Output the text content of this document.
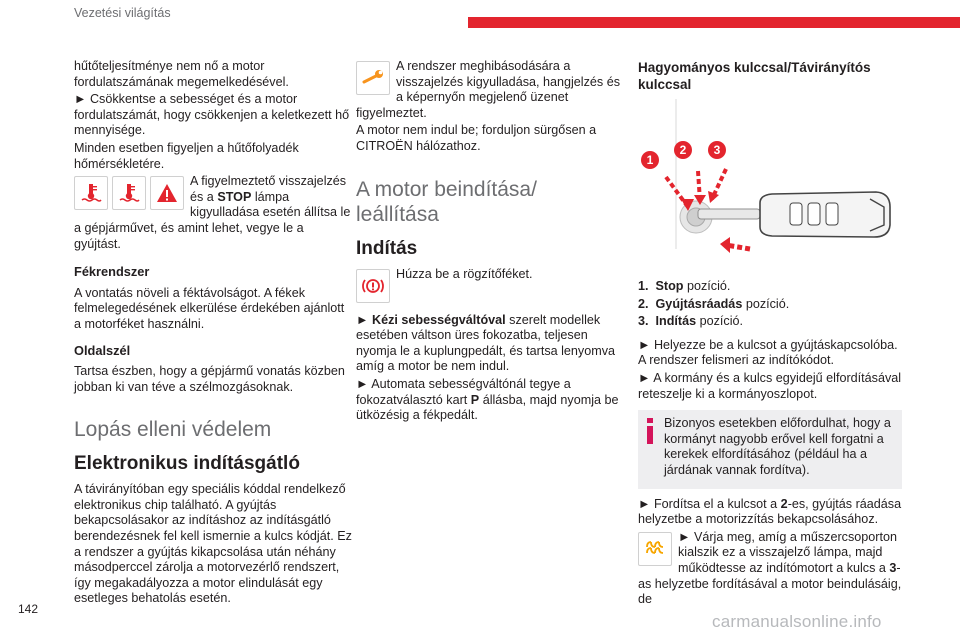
Vezetési világítás

hűtőteljesítménye nem nő a motor fordulatszámának megemelkedésével.

► Csökkentse a sebességet és a motor fordulatszámát, hogy csökkenjen a keletkezett hő mennyisége.

Minden esetben figyeljen a hűtőfolyadék hőmérsékletére.

A figyelmeztető visszajelzés és a STOP lámpa kigyulladása esetén állítsa le a gépjárművet, és amint lehet, vegye le a gyújtást.

Fékrendszer

A vontatás növeli a féktávolságot. A fékek felmelegedésének elkerülése érdekében ajánlott a motorféket használni.

Oldalszél

Tartsa észben, hogy a gépjármű vonatás közben jobban ki van téve a szélmozgásoknak.

Lopás elleni védelem
Elektronikus indításgátló

A távirányítóban egy speciális kóddal rendelkező elektronikus chip található. A gyújtás bekapcsolásakor az indításhoz az indításgátló berendezésnek fel kell ismernie a kulcs kódját. Ez a rendszer a gyújtás kikapcsolása után néhány másodperccel zárolja a motorvezérlő rendszert, így megakadályozza a motor elindulását egy esetleges behatolás esetén.

A rendszer meghibásodására a visszajelzés kigyulladása, hangjelzés és a képernyőn megjelenő üzenet figyelmeztet.

A motor nem indul be; forduljon sürgősen a CITROËN hálózathoz.

A motor beindítása/ leállítása
Indítás

Húzza be a rögzítőféket.

► Kézi sebességváltóval szerelt modellek esetében váltson üres fokozatba, teljesen nyomja le a kuplungpedált, és tartsa lenyomva amíg a motor be nem indul.

► Automata sebességváltónál tegye a fokozatválasztó kart P állásba, majd nyomja be ütközésig a fékpedált.

Hagyományos kulccsal/Távirányítós kulccsal
1
2	3
1. Stop pozíció.
2. Gyújtásráadás pozíció.
3. Indítás pozíció.

► Helyezze be a kulcsot a gyújtáskapcsolóba. A rendszer felismeri az indítókódot.

► A kormány és a kulcs egyidejű elfordításával reteszelje ki a kormányoszlopot.

Bizonyos esetekben előfordulhat, hogy a kormányt nagyobb erővel kell forgatni a kerekek elfordításához (például ha a járdának vannak fordítva).

► Fordítsa el a kulcsot a 2-es, gyújtás ráadása helyzetbe a motorizzítás bekapcsolásához.

► Várja meg, amíg a műszercsoporton kialszik ez a visszajelző lámpa, majd működtesse az indítómotort a kulcs a 3-as helyzetbe fordításával a motor beindulásáig, de

142
carmanualsonline.info
